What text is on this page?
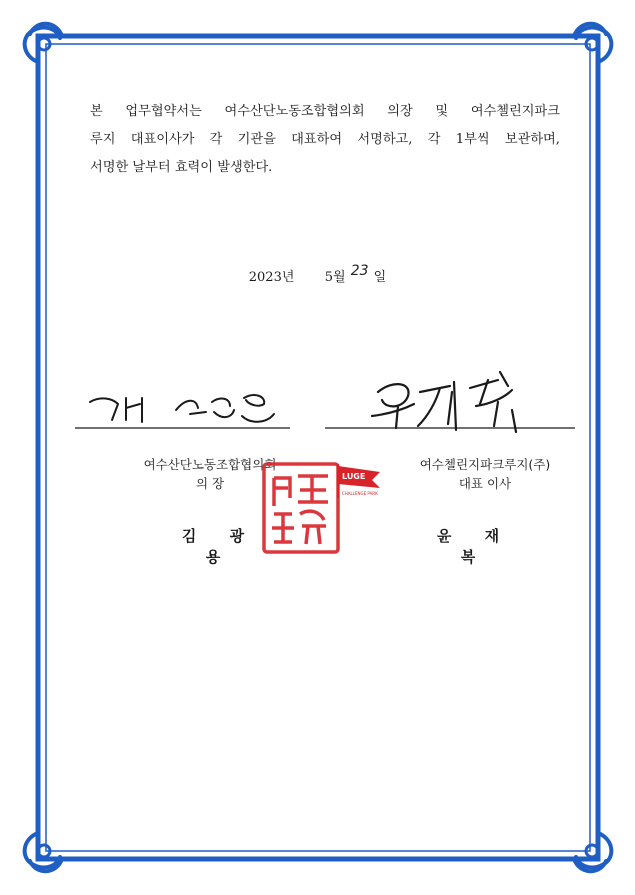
본 업무협약서는 여수산단노동조합협의회 의장 및 여수첼린지파크
루지 대표이사가 각 기관을 대표하여 서명하고, 각 1부씩 보관하며,
서명한 날부터 효력이 발생한다.
2023년 5월 23 일
여수산단노동조합협의회
의 장
김 광 용
여수첼린지파크루지(주)
대표 이사
윤 재 복
LUGE
CHALLENGE PARK
